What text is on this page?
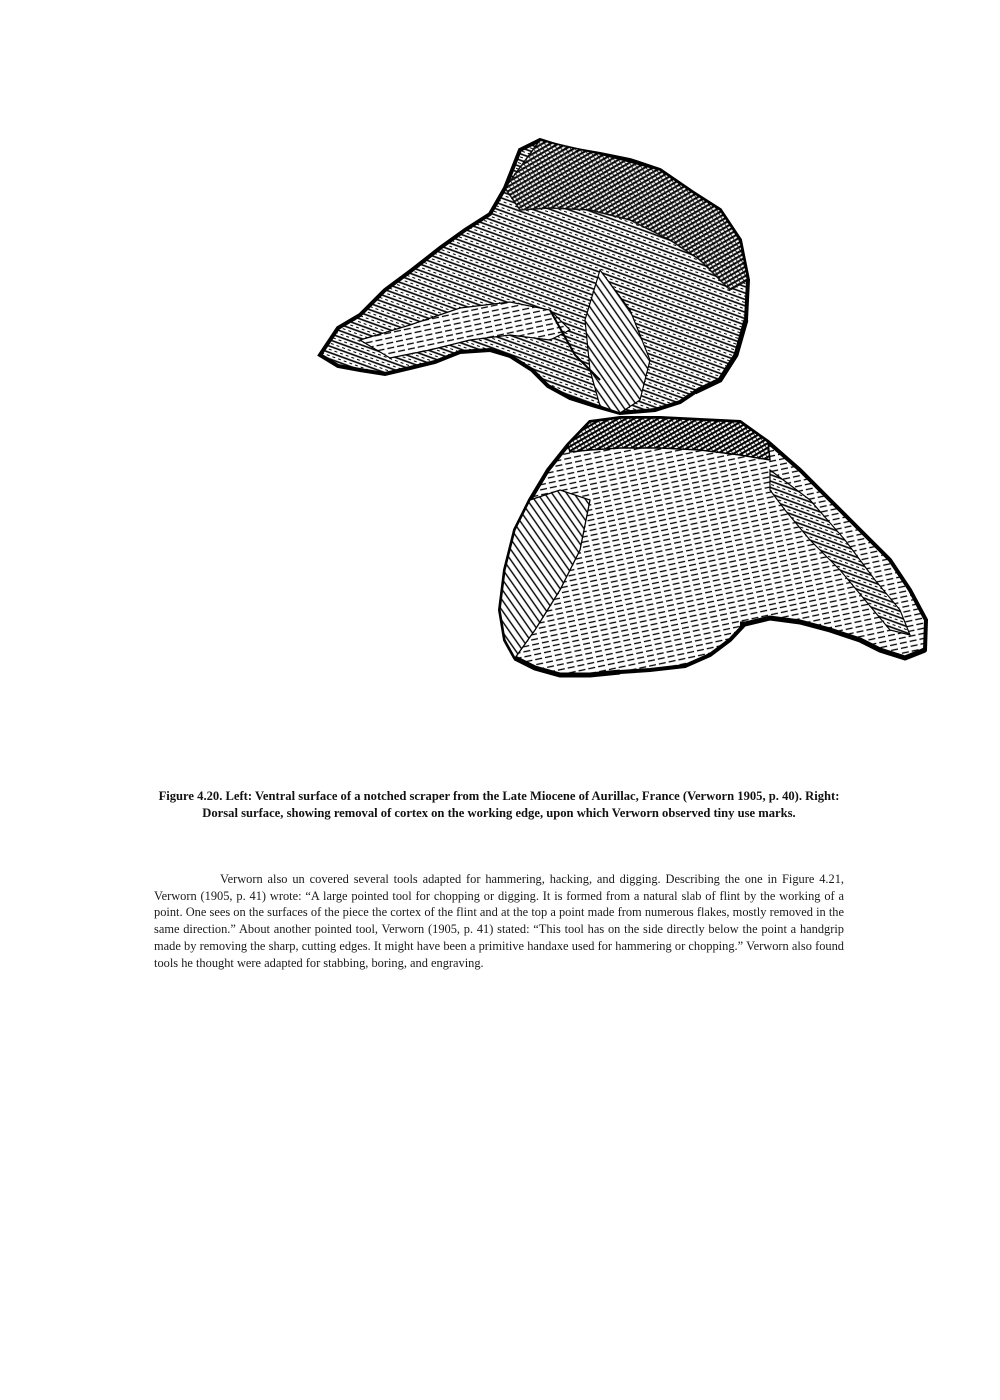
Figure 4.20. Left: Ventral surface of a notched scraper from the Late Miocene of Aurillac, France (Verworn 1905, p. 40). Right: Dorsal surface, showing removal of cortex on the working edge, upon which Verworn observed tiny use marks.
Verworn also un covered several tools adapted for hammering, hacking, and digging. Describing the one in Figure 4.21, Verworn (1905, p. 41) wrote: “A large pointed tool for chopping or digging. It is formed from a natural slab of flint by the working of a point. One sees on the surfaces of the piece the cortex of the flint and at the top a point made from numerous flakes, mostly removed in the same direction.” About another pointed tool, Verworn (1905, p. 41) stated: “This tool has on the side directly below the point a handgrip made by removing the sharp, cutting edges. It might have been a primitive handaxe used for hammering or chopping.” Verworn also found tools he thought were adapted for stabbing, boring, and engraving.
